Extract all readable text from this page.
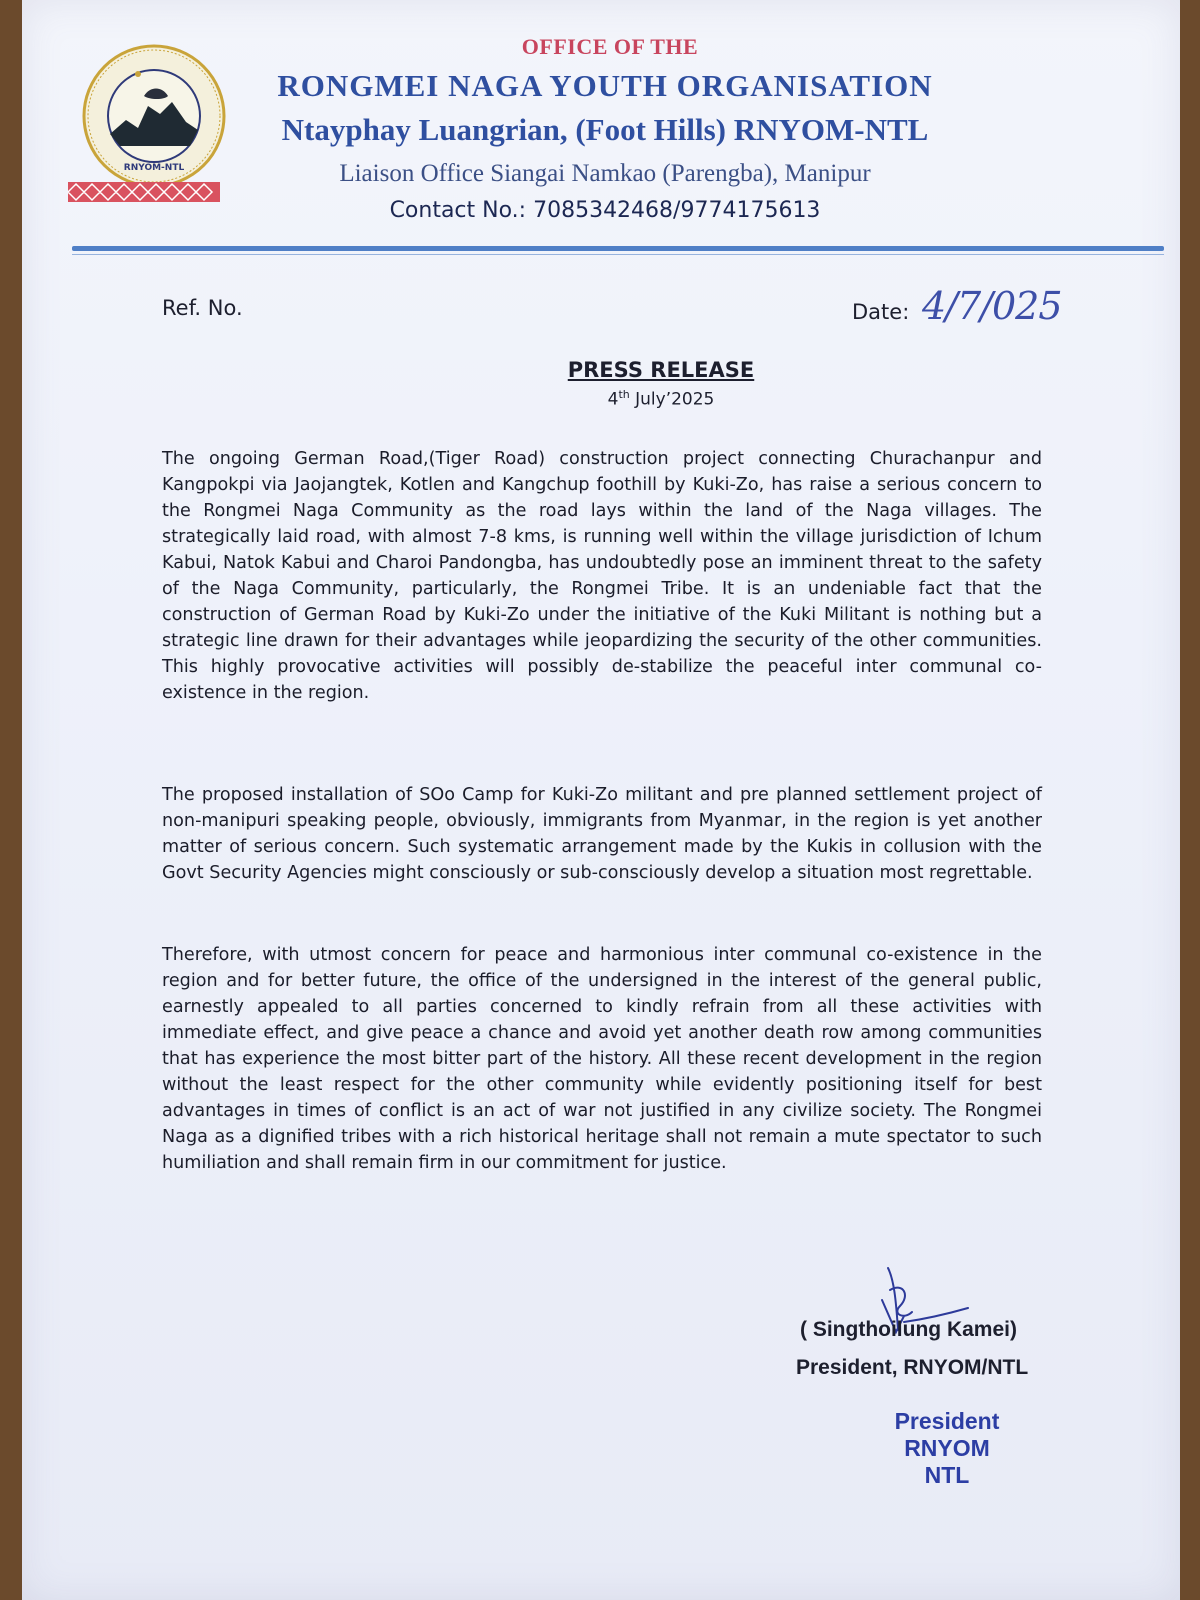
RNYOM-NTL

OFFICE OF THE

RONGMEI NAGA YOUTH ORGANISATION

Ntayphay Luangrian, (Foot Hills) RNYOM-NTL

Liaison Office Siangai Namkao (Parengba), Manipur

Contact No.: 7085342468/9774175613

Ref. No.	Date: 4/7/025
PRESS RELEASE
4th July’2025

The ongoing German Road,(Tiger Road) construction project connecting Churachanpur and Kangpokpi via Jaojangtek, Kotlen and Kangchup foothill by Kuki-Zo, has raise a serious concern to the Rongmei Naga Community as the road lays within the land of the Naga villages. The strategically laid road, with almost 7-8 kms, is running well within the village jurisdiction of Ichum Kabui, Natok Kabui and Charoi Pandongba, has undoubtedly pose an imminent threat to the safety of the Naga Community, particularly, the Rongmei Tribe. It is an undeniable fact that the construction of German Road by Kuki-Zo under the initiative of the Kuki Militant is nothing but a strategic line drawn for their advantages while jeopardizing the security of the other communities. This highly provocative activities will possibly de-stabilize the peaceful inter communal co-existence in the region.

The proposed installation of SOo Camp for Kuki-Zo militant and pre planned settlement project of non-manipuri speaking people, obviously, immigrants from Myanmar, in the region is yet another matter of serious concern. Such systematic arrangement made by the Kukis in collusion with the Govt Security Agencies might consciously or sub-consciously develop a situation most regrettable.

Therefore, with utmost concern for peace and harmonious inter communal co-existence in the region and for better future, the office of the undersigned in the interest of the general public, earnestly appealed to all parties concerned to kindly refrain from all these activities with immediate effect, and give peace a chance and avoid yet another death row among communities that has experience the most bitter part of the history. All these recent development in the region without the least respect for the other community while evidently positioning itself for best advantages in times of conflict is an act of war not justified in any civilize society. The Rongmei Naga as a dignified tribes with a rich historical heritage shall not remain a mute spectator to such humiliation and shall remain firm in our commitment for justice.

( Singthoilung Kamei)
President, RNYOM/NTL
President
RNYOM
NTL
